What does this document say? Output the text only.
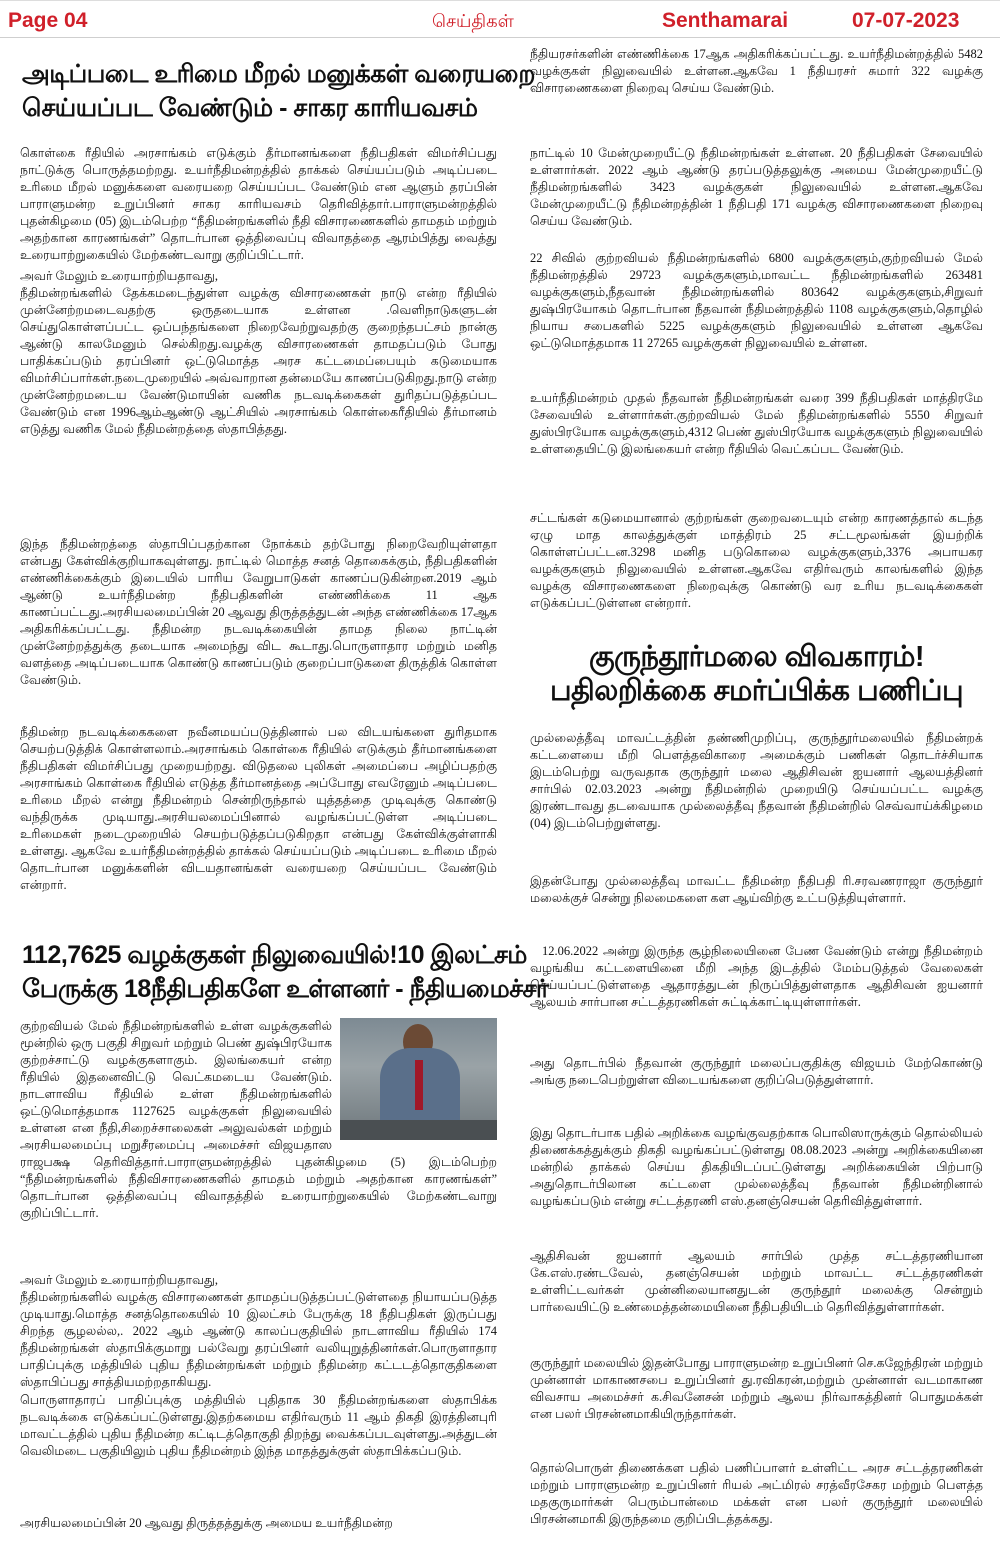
Page 04	செய்திகள்	Senthamarai	07-07-2023
அடிப்படை உரிமை மீறல் மனுக்கள் வரையறை
செய்யப்பட வேண்டும் - சாகர காரியவசம்

கொள்கை ரீதியில் அரசாங்கம் எடுக்கும் தீர்மானங்களை நீதிபதிகள் விமர்சிப்பது நாட்டுக்கு பொருத்தமற்றது. உயர்நீதிமன்றத்தில் தாக்கல் செய்யப்படும் அடிப்படை உரிமை மீறல் மனுக்களை வரையறை செய்யப்பட வேண்டும் என ஆளும் தரப்பின் பாராளுமன்ற உறுப்பினர் சாகர காரியவசம் தெரிவித்தார்.பாராளுமன்றத்தில் புதன்கிழமை (05) இடம்பெற்ற “நீதிமன்றங்களில் நீதி விசாரணைகளில் தாமதம் மற்றும் அதற்கான காரணங்கள்” தொடர்பான ஒத்திவைப்பு விவாதத்தை ஆரம்பித்து வைத்து உரையாற்றுகையில் மேற்கண்டவாறு குறிப்பிட்டார்.

அவர் மேலும் உரையாற்றியதாவது,

நீதிமன்றங்களில் தேக்கமடைந்துள்ள வழக்கு விசாரணைகள் நாடு என்ற ரீதியில் முன்னேற்றமடைவதற்கு ஒருதடையாக உள்ளன .வெளிநாடுகளுடன் செய்துகொள்ளப்பட்ட ஒப்பந்தங்களை நிறைவேற்றுவதற்கு குறைந்தபட்சம் நான்கு ஆண்டு காலமேனும் செல்கிறது.வழக்கு விசாரணைகள் தாமதப்படும் போது பாதிக்கப்படும் தரப்பினர் ஒட்டுமொத்த அரச கட்டமைப்பையும் கடுமையாக விமர்சிப்பார்கள்.நடைமுறையில் அவ்வாறான தன்மையே காணப்படுகிறது.நாடு என்ற முன்னேற்றமடைய வேண்டுமாயின் வணிக நடவடிக்கைகள் துரிதப்படுத்தப்பட வேண்டும் என 1996ஆம்ஆண்டு ஆட்சியில் அரசாங்கம் கொள்கைரீதியில் தீர்மானம் எடுத்து வணிக மேல் நீதிமன்றத்தை ஸ்தாபித்தது.

இந்த நீதிமன்றத்தை ஸ்தாபிப்பதற்கான நோக்கம் தற்போது நிறைவேறியுள்ளதா என்பது கேள்விக்குறியாகவுள்ளது. நாட்டில் மொத்த சனத் தொகைக்கும், நீதிபதிகளின் எண்ணிக்கைக்கும் இடையில் பாரிய வேறுபாடுகள் காணப்படுகின்றன.2019 ஆம் ஆண்டு உயர்நீதிமன்ற நீதிபதிகளின் எண்ணிக்கை 11 ஆக காணப்பட்டது.அரசியலமைப்பின் 20 ஆவது திருத்தத்துடன் அந்த எண்ணிக்கை 17ஆக அதிகரிக்கப்பட்டது. நீதிமன்ற நடவடிக்கையின் தாமத நிலை நாட்டின் முன்னேற்றத்துக்கு தடையாக அமைந்து விட கூடாது.பொருளாதார மற்றும் மனித வளத்தை அடிப்படையாக கொண்டு காணப்படும் குறைப்பாடுகளை திருத்திக் கொள்ள வேண்டும்.

நீதிமன்ற நடவடிக்கைகளை நவீனமயப்படுத்தினால் பல விடயங்களை துரிதமாக செயற்படுத்திக் கொள்ளலாம்.அரசாங்கம் கொள்கை ரீதியில் எடுக்கும் தீர்மானங்களை நீதிபதிகள் விமர்சிப்பது முறையற்றது. விடுதலை புலிகள் அமைப்பை அழிப்பதற்கு அரசாங்கம் கொள்கை ரீதியில் எடுத்த தீர்மானத்தை அப்போது எவரேனும் அடிப்படை உரிமை மீறல் என்று நீதிமன்றம் சென்றிருந்தால் யுத்தத்தை முடிவுக்கு கொண்டு வந்திருக்க முடியாது.அரசியலமைப்பினால் வழங்கப்பட்டுள்ள அடிப்படை உரிமைகள் நடைமுறையில் செயற்படுத்தப்படுகிறதா என்பது கேள்விக்குள்ளாகி உள்ளது. ஆகவே உயர்நீதிமன்றத்தில் தாக்கல் செய்யப்படும் அடிப்படை உரிமை மீறல் தொடர்பான மனுக்களின் விடயதானங்கள் வரையறை செய்யப்பட வேண்டும் என்றார்.

112,7625 வழக்குகள் நிலுவையில்!10 இலட்சம்
பேருக்கு 18நீதிபதிகளே உள்ளனர் - நீதியமைச்சர்
குற்றவியல் மேல் நீதிமன்றங்களில் உள்ள வழக்குகளில் மூன்றில் ஒரு பகுதி சிறுவர் மற்றும் பெண் துஷ்பிரயோக குற்றச்சாட்டு வழக்குகளாகும். இலங்கையர் என்ற ரீதியில் இதனைவிட்டு வெட்கமடைய வேண்டும். நாடளாவிய ரீதியில் உள்ள நீதிமன்றங்களில் ஒட்டுமொத்தமாக 1127625 வழக்குகள் நிலுவையில் உள்ளன என நீதி,சிறைச்சாலைகள் அலுவல்கள் மற்றும் அரசியலமைப்பு மறுசீரமைப்பு அமைச்சர் விஜயதாஸ ராஜபக்ஷ தெரிவித்தார்.பாராளுமன்றத்தில் புதன்கிழமை (5) இடம்பெற்ற “நீதிமன்றங்களில் நீதிவிசாரணைகளில் தாமதம் மற்றும் அதற்கான காரணங்கள்” தொடர்பான ஒத்திவைப்பு விவாதத்தில் உரையாற்றுகையில் மேற்கண்டவாறு குறிப்பிட்டார்.

அவர் மேலும் உரையாற்றியதாவது,

நீதிமன்றங்களில் வழக்கு விசாரணைகள் தாமதப்படுத்தப்பட்டுள்ளதை நியாயப்படுத்த முடியாது.மொத்த சனத்தொகையில் 10 இலட்சம் பேருக்கு 18 நீதிபதிகள் இருப்பது சிறந்த சூழலல்ல,. 2022 ஆம் ஆண்டு காலப்பகுதியில் நாடளாவிய ரீதியில் 174 நீதிமன்றங்கள் ஸ்தாபிக்குமாறு பல்வேறு தரப்பினர் வலியுறுத்தினர்கள்.பொருளாதார பாதிப்புக்கு மத்தியில் புதிய நீதிமன்றங்கள் மற்றும் நீதிமன்ற கட்டடத்தொகுதிகளை ஸ்தாபிப்பது சாத்தியமற்றதாகியது.

பொருளாதாரப் பாதிப்புக்கு மத்தியில் புதிதாக 30 நீதிமன்றங்களை ஸ்தாபிக்க நடவடிக்கை எடுக்கப்பட்டுள்ளது.இதற்கமைய எதிர்வரும் 11 ஆம் திகதி இரத்தினபுரி மாவட்டத்தில் புதிய நீதிமன்ற கட்டிடத்தொகுதி திறந்து வைக்கப்படவுள்ளது.அத்துடன் வெலிமடை பகுதியிலும் புதிய நீதிமன்றம் இந்த மாதத்துக்குள் ஸ்தாபிக்கப்படும்.

அரசியலமைப்பின் 20 ஆவது திருத்தத்துக்கு அமைய உயர்நீதிமன்ற

நீதியரசர்களின் எண்ணிக்கை 17ஆக அதிகரிக்கப்பட்டது. உயர்நீதிமன்றத்தில் 5482 வழக்குகள் நிலுவையில் உள்ளன.ஆகவே 1 நீதியரசர் சுமார் 322 வழக்கு விசாரணைகளை நிறைவு செய்ய வேண்டும்.

நாட்டில் 10 மேன்முறையீட்டு நீதிமன்றங்கள் உள்ளன. 20 நீதிபதிகள் சேவையில் உள்ளார்கள். 2022 ஆம் ஆண்டு தரப்படுத்தலுக்கு அமைய மேன்முறையீட்டு நீதிமன்றங்களில் 3423 வழக்குகள் நிலுவையில் உள்ளன.ஆகவே மேன்முறையீட்டு நீதிமன்றத்தின் 1 நீதிபதி 171 வழக்கு விசாரணைகளை நிறைவு செய்ய வேண்டும்.

22 சிவில் குற்றவியல் நீதிமன்றங்களில் 6800 வழக்குகளும்,குற்றவியல் மேல் நீதிமன்றத்தில் 29723 வழக்குகளும்,மாவட்ட நீதிமன்றங்களில் 263481 வழக்குகளும்,நீதவான் நீதிமன்றங்களில் 803642 வழக்குகளும்,சிறுவர் துஷ்பிரயோகம் தொடர்பான நீதவான் நீதிமன்றத்தில் 1108 வழக்குகளும்,தொழில் நியாய சபைகளில் 5225 வழக்குகளும் நிலுவையில் உள்ளன ஆகவே ஒட்டுமொத்தமாக 11 27265 வழக்குகள் நிலுவையில் உள்ளன.

உயர்நீதிமன்றம் முதல் நீதவான் நீதிமன்றங்கள் வரை 399 நீதிபதிகள் மாத்திரமே சேவையில் உள்ளார்கள்.குற்றவியல் மேல் நீதிமன்றங்களில் 5550 சிறுவர் துஸ்பிரயோக வழக்குகளும்,4312 பெண் துஸ்பிரயோக வழக்குகளும் நிலுவையில் உள்ளதையிட்டு இலங்கையர் என்ற ரீதியில் வெட்கப்பட வேண்டும்.

சட்டங்கள் கடுமையானால் குற்றங்கள் குறைவடையும் என்ற காரணத்தால் கடந்த ஏழு மாத காலத்துக்குள் மாத்திரம் 25 சட்டமூலங்கள் இயற்றிக் கொள்ளப்பட்டன.3298 மனித படுகொலை வழக்குகளும்,3376 அபாயகர வழக்குகளும் நிலுவையில் உள்ளன.ஆகவே எதிர்வரும் காலங்களில் இந்த வழக்கு விசாரணைகளை நிறைவுக்கு கொண்டு வர உரிய நடவடிக்கைகள் எடுக்கப்பட்டுள்ளன என்றார்.

குருந்தூர்மலை விவகாரம்!
பதிலறிக்கை சமர்ப்பிக்க பணிப்பு

முல்லைத்தீவு மாவட்டத்தின் தண்ணிமுறிப்பு, குருந்தூர்மலையில் நீதிமன்றக் கட்டளையை மீறி பௌத்தவிகாரை அமைக்கும் பணிகள் தொடர்ச்சியாக இடம்பெற்று வருவதாக குருந்தூர் மலை ஆதிசிவன் ஐயனார் ஆலயத்தினர் சார்பில் 02.03.2023 அன்று நீதிமன்றில் முறையிடு செய்யப்பட்ட வழக்கு இரண்டாவது தடவையாக முல்லைத்தீவு நீதவான் நீதிமன்றில் செவ்வாய்க்கிழமை (04) இடம்பெற்றுள்ளது.

இதன்போது முல்லைத்தீவு மாவட்ட நீதிமன்ற நீதிபதி ரி.சரவணராஜா குருந்தூர் மலைக்குச் சென்று நிலமைகளை கள ஆய்விற்கு உட்படுத்தியுள்ளார்.

12.06.2022 அன்று இருந்த சூழ்நிலையினை பேண வேண்டும் என்று நீதிமன்றம் வழங்கிய கட்டளையினை மீறி அந்த இடத்தில் மேம்படுத்தல் வேலைகள் செய்யப்பட்டுள்ளதை ஆதாரத்துடன் நிருப்பித்துள்ளதாக ஆதிசிவன் ஐயனார் ஆலயம் சார்பான சட்டத்தரணிகள் சுட்டிக்காட்டியுள்ளார்கள்.

அது தொடர்பில் நீதவான் குருந்தூர் மலைப்பகுதிக்கு விஜயம் மேற்கொண்டு அங்கு நடைபெற்றுள்ள விடையங்களை குறிப்பெடுத்துள்ளார்.

இது தொடர்பாக பதில் அறிக்கை வழங்குவதற்காக பொலிஸாருக்கும் தொல்லியல் திணைக்கத்துக்கும் திகதி வழங்கப்பட்டுள்ளது 08.08.2023 அன்று அறிக்கையினை மன்றில் தாக்கல் செய்ய திகதியிடப்பட்டுள்ளது அறிக்கையின் பிற்பாடு அதுதொடர்பிலான கட்டளை முல்லைத்தீவு நீதவான் நீதிமன்றினால் வழங்கப்படும் என்று சட்டத்தரணி எஸ்.தனஞ்செயன் தெரிவித்துள்ளார்.

ஆதிசிவன் ஐயனார் ஆலயம் சார்பில் முத்த சட்டத்தரணியான கே.எஸ்.ரண்டவேல், தனஞ்செயன் மற்றும் மாவட்ட சட்டத்தரணிகள் உள்ளிட்டவர்கள் முன்னிலையானதுடன் குருந்தூர் மலைக்கு சென்றும் பார்வையிட்டு உண்மைத்தன்மையினை நீதிபதியிடம் தெரிவித்துள்ளார்கள்.

குருந்தூர் மலையில் இதன்போது பாராளுமன்ற உறுப்பினர் செ.கஜேந்திரன் மற்றும் முன்னாள் மாகாணசபை உறுப்பினர் து.ரவிகரன்,மற்றும் முன்னாள் வடமாகாண விவசாய அமைச்சர் க.சிவனேசன் மற்றும் ஆலய நிர்வாகத்தினர் பொதுமக்கள் என பலர் பிரசன்னமாகியிருந்தார்கள்.

தொல்பொருள் திணைக்கள பதில் பணிப்பாளர் உள்ளிட்ட அரச சட்டத்தரணிகள் மற்றும் பாராளுமன்ற உறுப்பினர் ரியல் அட்மிரல் சரத்வீரசேகர மற்றும் பௌத்த மதகுருமார்கள் பெரும்பான்மை மக்கள் என பலர் குருந்தூர் மலையில் பிரசன்னமாகி இருந்தமை குறிப்பிடத்தக்கது.
